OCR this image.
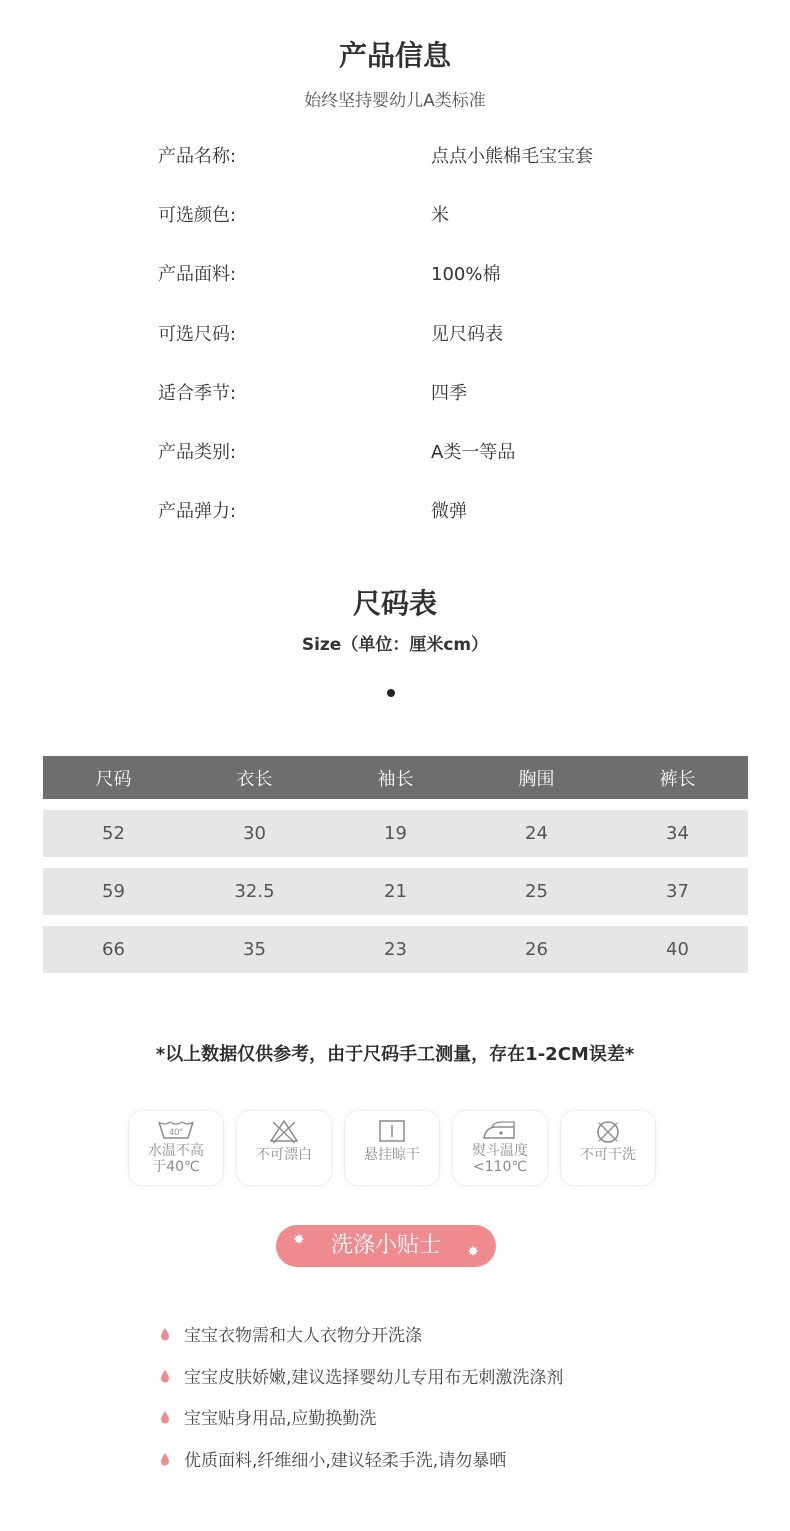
产品信息
始终坚持婴幼儿A类标准
产品名称:	点点小熊棉毛宝宝套
可选颜色:	米
产品面料:	100%棉
可选尺码:	见尺码表
适合季节:	四季
产品类别:	A类一等品
产品弹力:	微弹
尺码表
Size（单位：厘米cm）
尺码	衣长	袖长	胸围	裤长
52	30	19	24	34
59	32.5	21	25	37
66	35	23	26	40
*以上数据仅供参考，由于尺码手工测量，存在1-2CM误差*
40°
水温不高
于40℃
不可漂白	悬挂晾干	熨斗温度
<110℃
不可干洗
✸ 洗涤小贴士 ✸
宝宝衣物需和大人衣物分开洗涤
宝宝皮肤娇嫩,建议选择婴幼儿专用布无刺激洗涤剂
宝宝贴身用品,应勤换勤洗
优质面料,纤维细小,建议轻柔手洗,请勿暴晒
